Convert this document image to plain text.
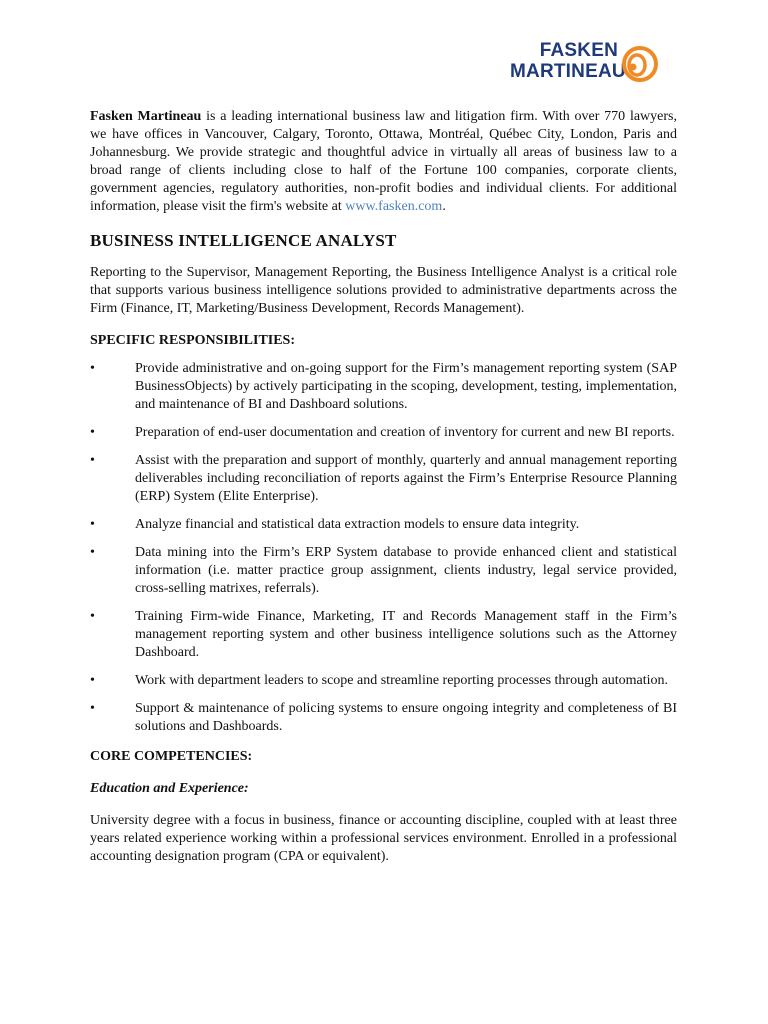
FASKEN
MARTINEAU

Fasken Martineau is a leading international business law and litigation firm. With over 770 lawyers, we have offices in Vancouver, Calgary, Toronto, Ottawa, Montréal, Québec City, London, Paris and Johannesburg. We provide strategic and thoughtful advice in virtually all areas of business law to a broad range of clients including close to half of the Fortune 100 companies, corporate clients, government agencies, regulatory authorities, non-profit bodies and individual clients. For additional information, please visit the firm's website at www.fasken.com.

BUSINESS INTELLIGENCE ANALYST

Reporting to the Supervisor, Management Reporting, the Business Intelligence Analyst is a critical role that supports various business intelligence solutions provided to administrative departments across the Firm (Finance, IT, Marketing/Business Development, Records Management).

SPECIFIC RESPONSIBILITIES:

•	Provide administrative and on-going support for the Firm’s management reporting system (SAP BusinessObjects) by actively participating in the scoping, development, testing, implementation, and maintenance of BI and Dashboard solutions.
•	Preparation of end-user documentation and creation of inventory for current and new BI reports.
•	Assist with the preparation and support of monthly, quarterly and annual management reporting deliverables including reconciliation of reports against the Firm’s Enterprise Resource Planning (ERP) System (Elite Enterprise).
•	Analyze financial and statistical data extraction models to ensure data integrity.
•	Data mining into the Firm’s ERP System database to provide enhanced client and statistical information (i.e. matter practice group assignment, clients industry, legal service provided, cross-selling matrixes, referrals).
•	Training Firm-wide Finance, Marketing, IT and Records Management staff in the Firm’s management reporting system and other business intelligence solutions such as the Attorney Dashboard.
•	Work with department leaders to scope and streamline reporting processes through automation.
•	Support & maintenance of policing systems to ensure ongoing integrity and completeness of BI solutions and Dashboards.

CORE COMPETENCIES:

Education and Experience:

University degree with a focus in business, finance or accounting discipline, coupled with at least three years related experience working within a professional services environment. Enrolled in a professional accounting designation program (CPA or equivalent).
